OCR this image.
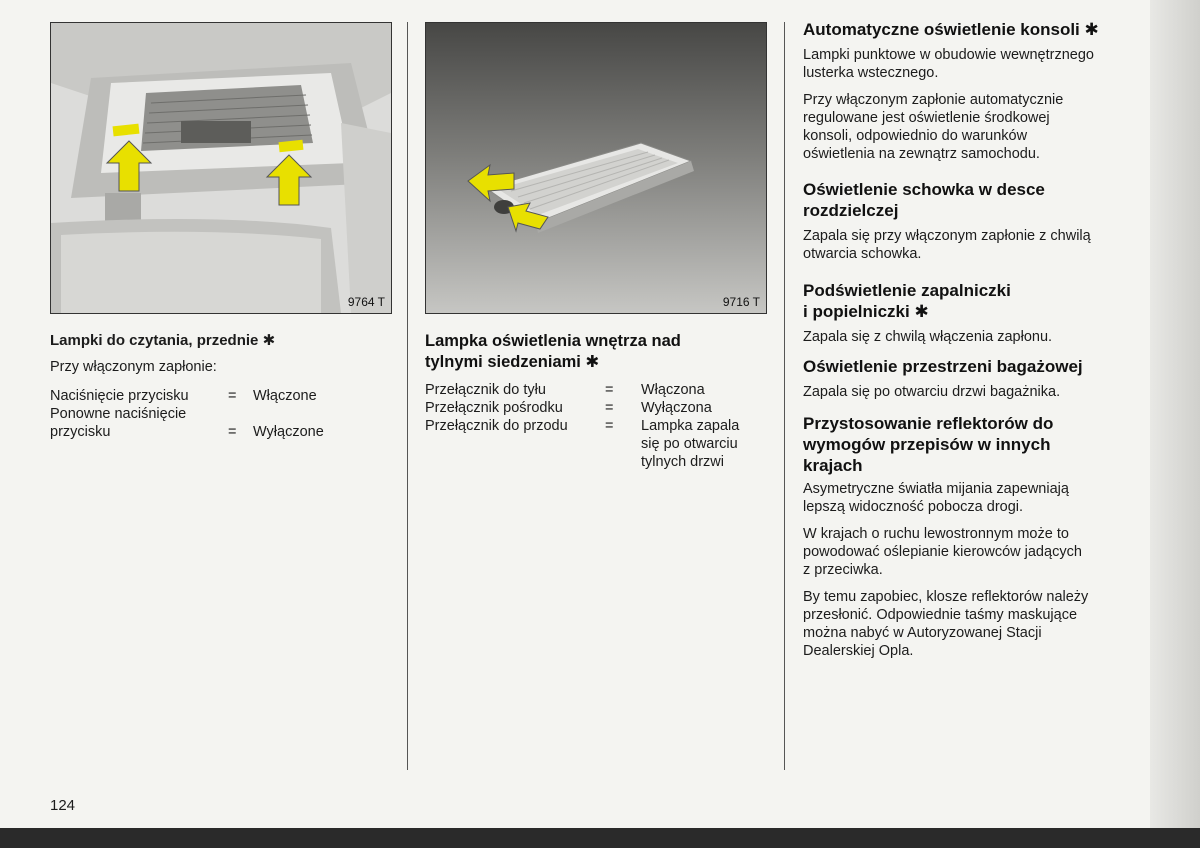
9764 T

Lampki do czytania, przednie ✱

Przy włączonym zapłonie:

Naciśnięcie przycisku	= Włączone
Ponowne naciśnięcie
przycisku	= Wyłączone
9716 T

Lampka oświetlenia wnętrza nad
tylnymi siedzeniami ✱

Przełącznik do tyłu	= Włączona
Przełącznik pośrodku	= Wyłączona
Przełącznik do przodu	= Lampka zapala
się po otwarciu
tylnych drzwi

Automatyczne oświetlenie konsoli ✱

Lampki punktowe w obudowie wewnętrznego
lusterka wstecznego.

Przy włączonym zapłonie automatycznie
regulowane jest oświetlenie środkowej
konsoli, odpowiednio do warunków
oświetlenia na zewnątrz samochodu.

Oświetlenie schowka w desce
rozdzielczej

Zapala się przy włączonym zapłonie z chwilą
otwarcia schowka.

Podświetlenie zapalniczki
i popielniczki ✱

Zapala się z chwilą włączenia zapłonu.

Oświetlenie przestrzeni bagażowej

Zapala się po otwarciu drzwi bagażnika.

Przystosowanie reflektorów do
wymogów przepisów w innych
krajach

Asymetryczne światła mijania zapewniają
lepszą widoczność pobocza drogi.

W krajach o ruchu lewostronnym może to
powodować oślepianie kierowców jadących
z przeciwka.

By temu zapobiec, klosze reflektorów należy
przesłonić. Odpowiednie taśmy maskujące
można nabyć w Autoryzowanej Stacji
Dealerskiej Opla.

124
